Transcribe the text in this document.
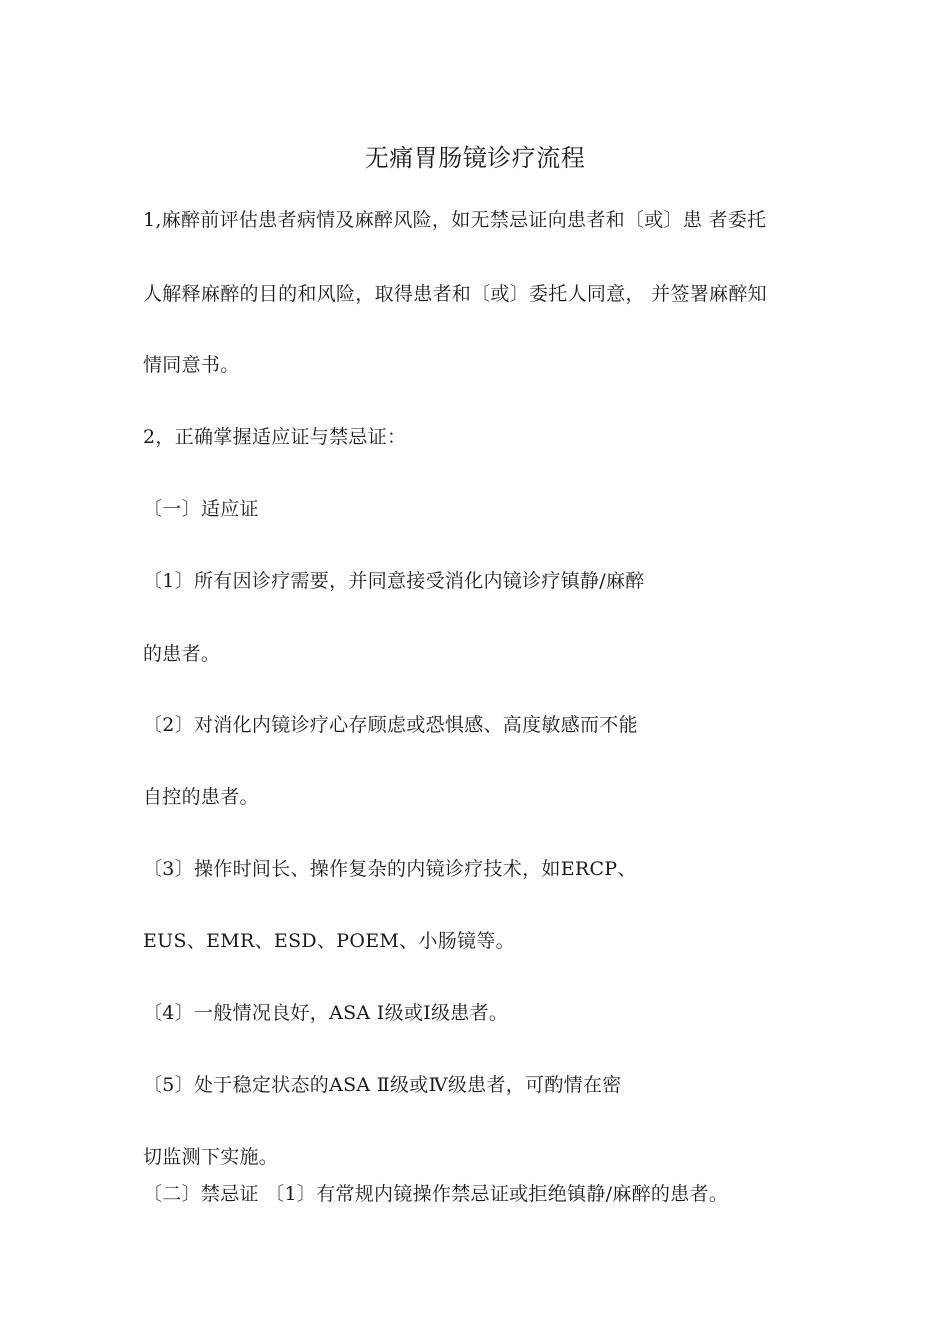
无痛胃肠镜诊疗流程
1,麻醉前评估患者病情及麻醉风险，如无禁忌证向患者和〔或〕患 者委托
人解释麻醉的目的和风险，取得患者和〔或〕委托人同意， 并签署麻醉知
情同意书。
2，正确掌握适应证与禁忌证：
〔一〕适应证
〔1〕所有因诊疗需要，并同意接受消化内镜诊疗镇静/麻醉
的患者。
〔2〕对消化内镜诊疗心存顾虑或恐惧感、高度敏感而不能
自控的患者。
〔3〕操作时间长、操作复杂的内镜诊疗技术，如ERCP、
EUS、EMR、ESD、POEM、小肠镜等。
〔4〕一般情况良好，ASA Ⅰ级或Ⅰ级患者。
〔5〕处于稳定状态的ASA Ⅱ级或Ⅳ级患者，可酌情在密
切监测下实施。
〔二〕禁忌证 〔1〕有常规内镜操作禁忌证或拒绝镇静/麻醉的患者。
